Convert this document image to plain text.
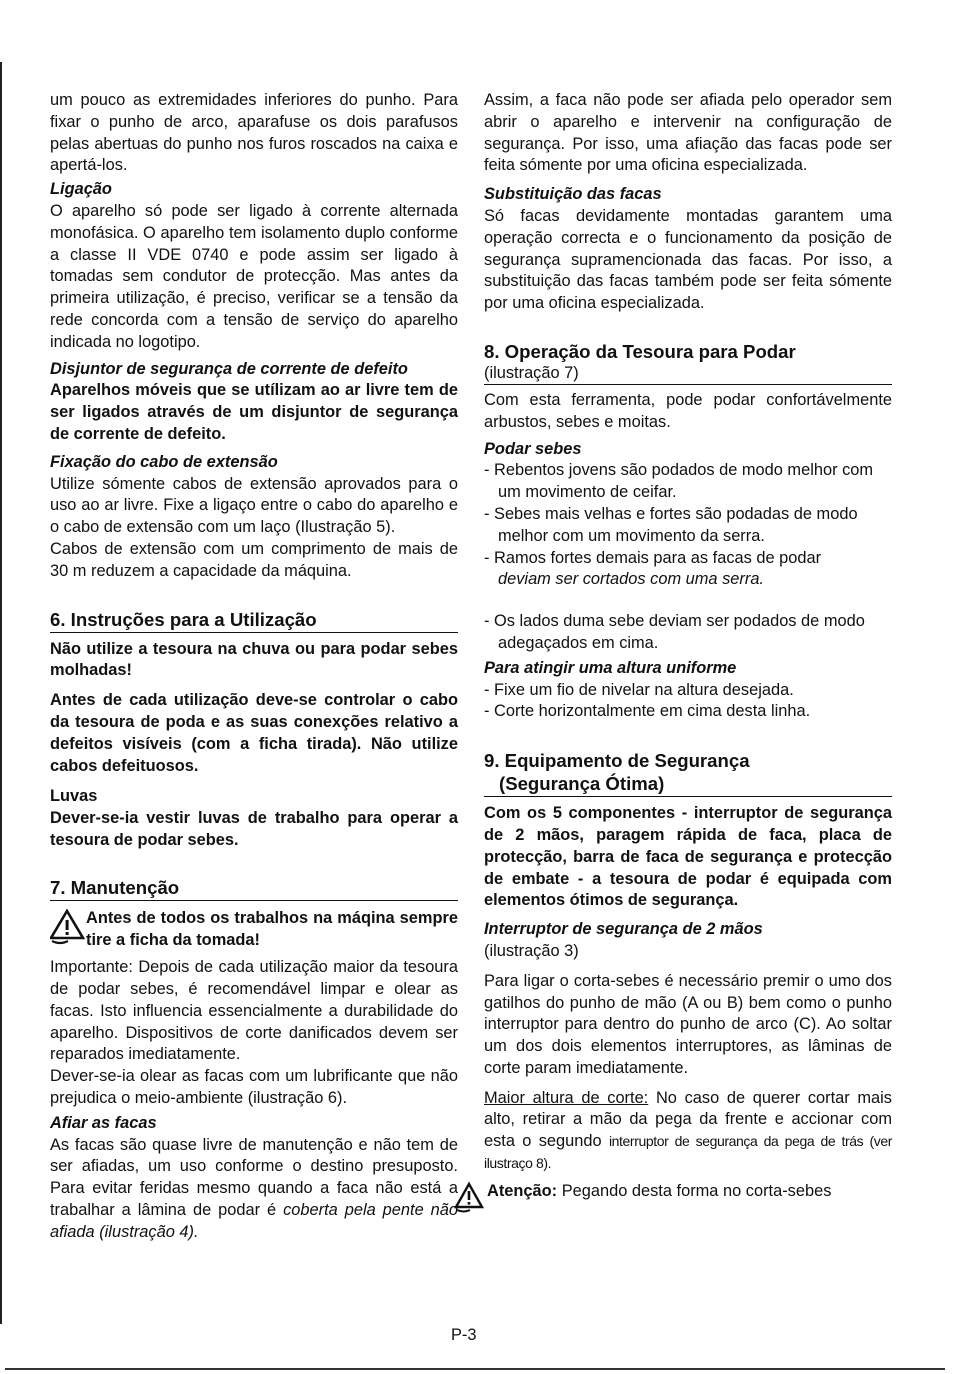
um pouco as extremidades inferiores do punho. Para fixar o punho de arco, aparafuse os dois parafusos pelas abertuas do punho nos furos roscados na caixa e apertá-los.

Ligação

O aparelho só pode ser ligado à corrente alternada monofásica. O aparelho tem isolamento duplo conforme a classe II VDE 0740 e pode assim ser ligado à tomadas sem condutor de protecção. Mas antes da primeira utilização, é preciso, verificar se a tensão da rede concorda com a tensão de serviço do aparelho indicada no logotipo.

Disjuntor de segurança de corrente de defeito

Aparelhos móveis que se utílizam ao ar livre tem de ser ligados através de um disjuntor de segurança de corrente de defeito.

Fixação do cabo de extensão

Utilize sómente cabos de extensão aprovados para o uso ao ar livre. Fixe a ligaço entre o cabo do aparelho e o cabo de extensão com um laço (Ilustração 5).

Cabos de extensão com um comprimento de mais de 30 m reduzem a capacidade da máquina.

6. Instruções para a Utilização

Não utilize a tesoura na chuva ou para podar sebes molhadas!

Antes de cada utilização deve-se controlar o cabo da tesoura de poda e as suas conexções relativo a defeitos visíveis (com a ficha tirada). Não utilize cabos defeituosos.

Luvas

Dever-se-ia vestir luvas de trabalho para operar a tesoura de podar sebes.

7. Manutenção

Antes de todos os trabalhos na máqina sempre tire a ficha da tomada!

Importante: Depois de cada utilização maior da tesoura de podar sebes, é recomendável limpar e olear as facas. Isto influencia essencialmente a durabilidade do aparelho. Dispositivos de corte danificados devem ser reparados imediatamente.

Dever-se-ia olear as facas com um lubrificante que não prejudica o meio-ambiente (ilustração 6).

Afiar as facas

As facas são quase livre de manutenção e não tem de ser afiadas, um uso conforme o destino presuposto. Para evitar feridas mesmo quando a faca não está a trabalhar a lâmina de podar é coberta pela pente não afiada (ilustração 4).

Assim, a faca não pode ser afiada pelo operador sem abrir o aparelho e intervenir na configuração de segurança. Por isso, uma afiação das facas pode ser feita sómente por uma oficina especializada.

Substituição das facas

Só facas devidamente montadas garantem uma operação correcta e o funcionamento da posição de segurança supramencionada das facas. Por isso, a substituição das facas também pode ser feita sómente por uma oficina especializada.

8. Operação da Tesoura para Podar
(ilustração 7)

Com esta ferramenta, pode podar confortávelmente arbustos, sebes e moitas.

Podar sebes

- Rebentos jovens são podados de modo melhor com um movimento de ceifar.

- Sebes mais velhas e fortes são podadas de modo melhor com um movimento da serra.

- Ramos fortes demais para as facas de podar
deviam ser cortados com uma serra.

- Os lados duma sebe deviam ser podados de modo adegaçados em cima.

Para atingir uma altura uniforme

- Fixe um fio de nivelar na altura desejada.

- Corte horizontalmente em cima desta linha.

9. Equipamento de Segurança
(Segurança Ótima)

Com os 5 componentes - interruptor de segurança de 2 mãos, paragem rápida de faca, placa de protecção, barra de faca de segurança e protecção de embate - a tesoura de podar é equipada com elementos ótimos de segurança.

Interruptor de segurança de 2 mãos

(ilustração 3)

Para ligar o corta-sebes é necessário premir o umo dos gatilhos do punho de mão (A ou B) bem como o punho interruptor para dentro do punho de arco (C). Ao soltar um dos dois elementos interruptores, as lâminas de corte param imediatamente.

Maior altura de corte: No caso de querer cortar mais alto, retirar a mão da pega da frente e accionar com esta o segundo interruptor de segurança da pega de trás (ver ilustraço 8).

Atenção: Pegando desta forma no corta-sebes

P-3
